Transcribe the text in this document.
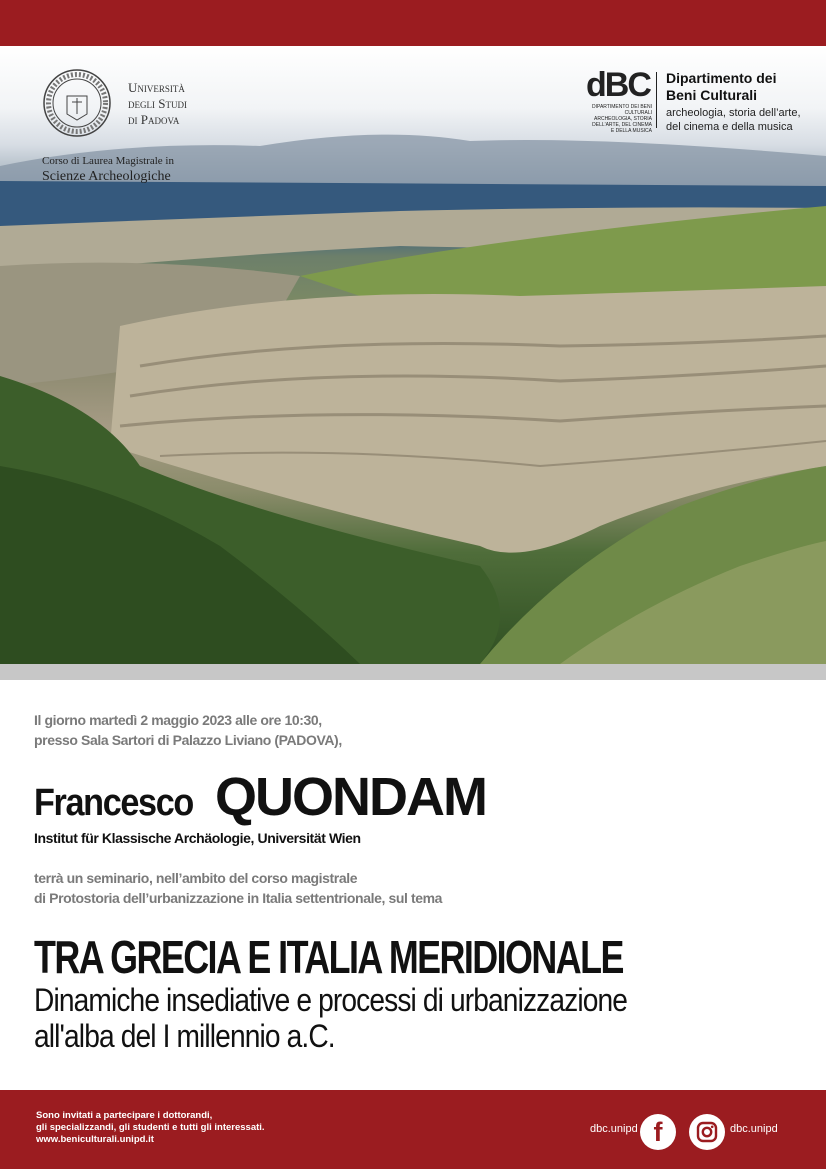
Università
degli Studi
di Padova
Corso di Laurea Magistrale in
Scienze Archeologiche
dBC
DIPARTIMENTO DEI BENI CULTURALI ARCHEOLOGIA, STORIA DELL'ARTE, DEL CINEMA E DELLA MUSICA
Dipartimento dei
Beni Culturali
archeologia, storia dell’arte,
del cinema e della musica
Il giorno martedì 2 maggio 2023 alle ore 10:30,
presso Sala Sartori di Palazzo Liviano (PADOVA),
Francesco QUONDAM
Institut für Klassische Archäologie, Universität Wien
terrà un seminario, nell’ambito del corso magistrale
di Protostoria dell’urbanizzazione in Italia settentrionale, sul tema
TRA GRECIA E ITALIA MERIDIONALE
Dinamiche insediative e processi di urbanizzazione
all'alba del I millennio a.C.
Sono invitati a partecipare i dottorandi,
gli specializzandi, gli studenti e tutti gli interessati.
www.beniculturali.unipd.it
dbc.unipd f	dbc.unipd
